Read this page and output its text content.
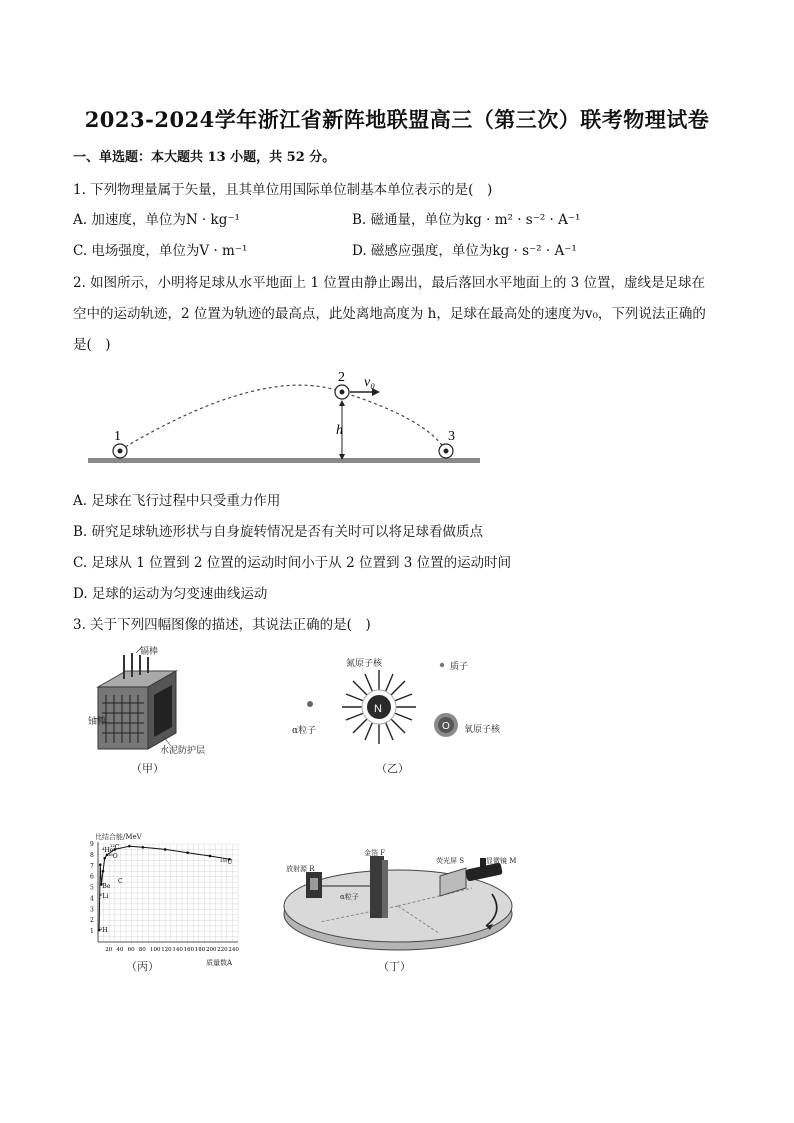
2023-2024学年浙江省新阵地联盟高三（第三次）联考物理试卷
一、单选题：本大题共 13 小题，共 52 分。
1. 下列物理量属于矢量，且其单位用国际单位制基本单位表示的是(　)
A. 加速度，单位为N · kg⁻¹	B. 磁通量，单位为kg · m² · s⁻² · A⁻¹
C. 电场强度，单位为V · m⁻¹	D. 磁感应强度，单位为kg · s⁻² · A⁻¹
2. 如图所示，小明将足球从水平地面上 1 位置由静止踢出，最后落回水平地面上的 3 位置，虚线是足球在
空中的运动轨迹，2 位置为轨迹的最高点，此处离地高度为 h，足球在最高处的速度为v₀，下列说法正确的
是(　)
1
2
3
h
v₀
A. 足球在飞行过程中只受重力作用
B. 研究足球轨迹形状与自身旋转情况是否有关时可以将足球看做质点
C. 足球从 1 位置到 2 位置的运动时间小于从 2 位置到 3 位置的运动时间
D. 足球的运动为匀变速曲线运动
3. 关于下列四幅图像的描述，其说法正确的是(　)
镉棒
铀棒
水泥防护层
（甲）
N
O
氮原子核	质子
α粒子	氧原子核
（乙）
比结合能/MeV
9
8
7
6
5
4
3
2
1
20 40 60 80 100 120 140 160 180 200 220 240
⁴He
¹²C
¹⁶O
C
⁹Be
⁶Li
²H
²³⁵U
质量数A
（丙）
放射源 R
金箔 F
荧光屏 S	显微镜 M
α粒子
（丁）
